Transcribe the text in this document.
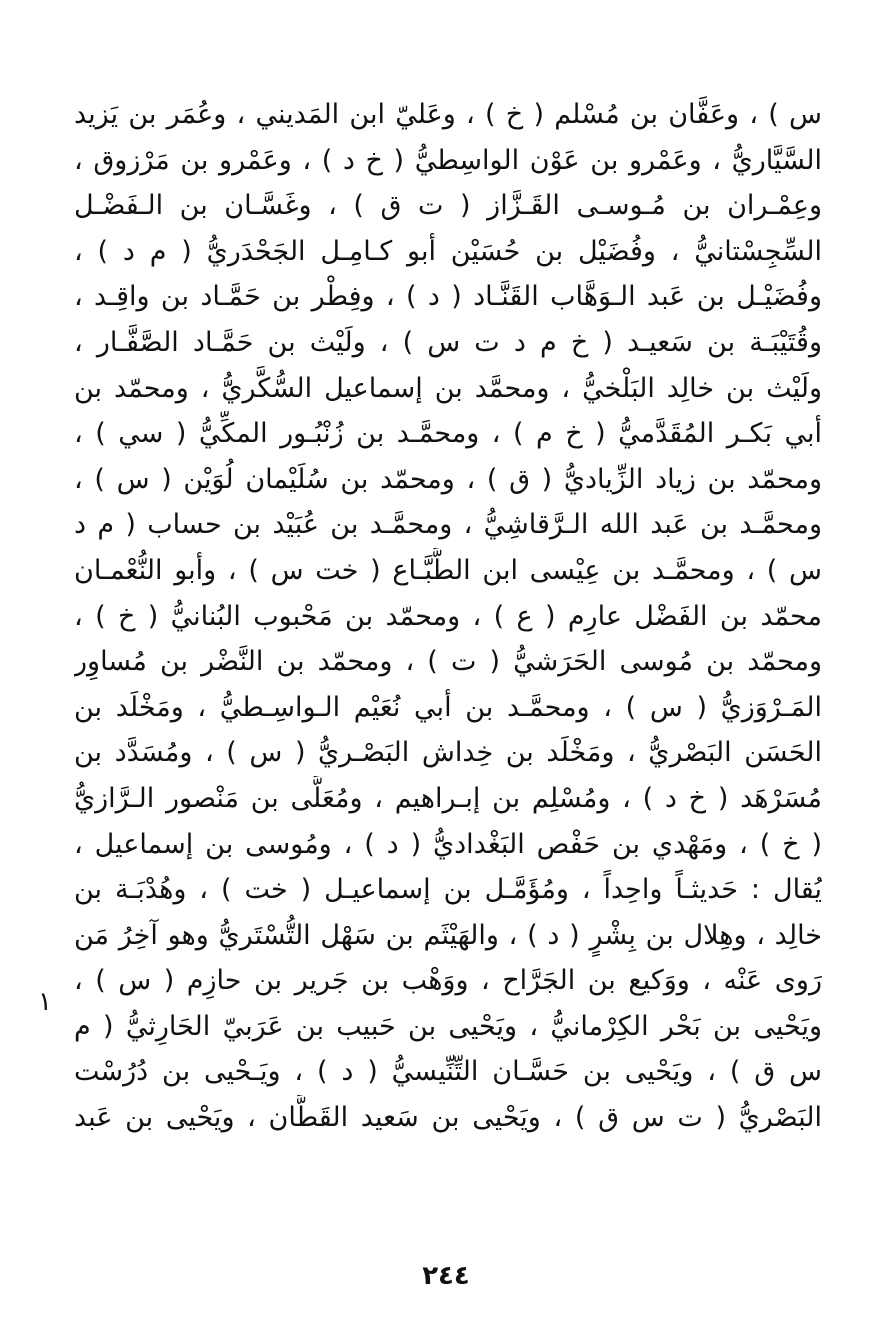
س ) ، وعَفَّان بن مُسْلم ( خ ) ، وعَليّ ابن المَديني ، وعُمَر بن يَزيد
السَّيَّاريُّ ، وعَمْرو بن عَوْن الواسِطيُّ ( خ د ) ، وعَمْرو بن مَرْزوق ،
وعِمْـران بن مُـوسـى القَـزَّاز ( ت ق ) ، وغَسَّـان بن الـفَضْـل
السِّجِسْتانيُّ ، وفُضَيْل بن حُسَيْن أبو كـامِـل الجَحْدَريُّ ( م د ) ،
وفُضَيْـل بن عَبد الـوَهَّاب القَنَّـاد ( د ) ، وفِطْر بن حَمَّـاد بن واقِـد ،
وقُتَيْبَـة بن سَعيـد ( خ م د ت س ) ، ولَيْث بن حَمَّـاد الصَّفَّـار ،
ولَيْث بن خالِد البَلْخيُّ ، ومحمَّد بن إسماعيل السُّكَّريُّ ، ومحمّد بن
أبي بَكـر المُقَدَّميُّ ( خ م ) ، ومحمَّـد بن زُنْبُـور المكِّيُّ ( سي ) ،
ومحمّد بن زياد الزِّياديُّ ( ق ) ، ومحمّد بن سُلَيْمان لُوَيْن ( س ) ،
ومحمَّـد بن عَبد الله الـرَّقاشِيُّ ، ومحمَّـد بن عُبَيْد بن حساب ( م د
س ) ، ومحمَّـد بن عِيْسى ابن الطَّبَّـاع ( خت س ) ، وأبو النُّعْمـان
محمّد بن الفَضْل عارِم ( ع ) ، ومحمّد بن مَحْبوب البُنانيُّ ( خ ) ،
ومحمّد بن مُوسى الحَرَشيُّ ( ت ) ، ومحمّد بن النَّضْر بن مُساوِر
المَـرْوَزيُّ ( س ) ، ومحمَّـد بن أبي نُعَيْم الـواسِـطيُّ ، ومَخْلَد بن
الحَسَن البَصْريُّ ، ومَخْلَد بن خِداش البَصْـريُّ ( س ) ، ومُسَدَّد بن
مُسَرْهَد ( خ د ) ، ومُسْلِم بن إبـراهيم ، ومُعَلَّى بن مَنْصور الـرَّازيُّ
( خ ) ، ومَهْدي بن حَفْص البَغْداديُّ ( د ) ، ومُوسى بن إسماعيل ،
يُقال : حَديثـاً واحِداً ، ومُؤَمَّـل بن إسماعيـل ( خت ) ، وهُدْبَـة بن
خالِد ، وهِلال بن بِشْرٍ ( د ) ، والهَيْثَم بن سَهْل التُّسْتَريُّ وهو آخِرُ مَن
رَوى عَنْه ، ووَكيع بن الجَرَّاح ، ووَهْب بن جَرير بن حازِم ( س ) ،
ويَحْيى بن بَحْر الكِرْمانيُّ ، ويَحْيى بن حَبيب بن عَرَبيّ الحَارِثيُّ ( م
س ق ) ، ويَحْيى بن حَسَّـان التِّنِّيسيُّ ( د ) ، ويَـحْيى بن دُرُسْت
البَصْريُّ ( ت س ق ) ، ويَحْيى بن سَعيد القَطَّان ، ويَحْيى بن عَبد
١
٢٤٤
